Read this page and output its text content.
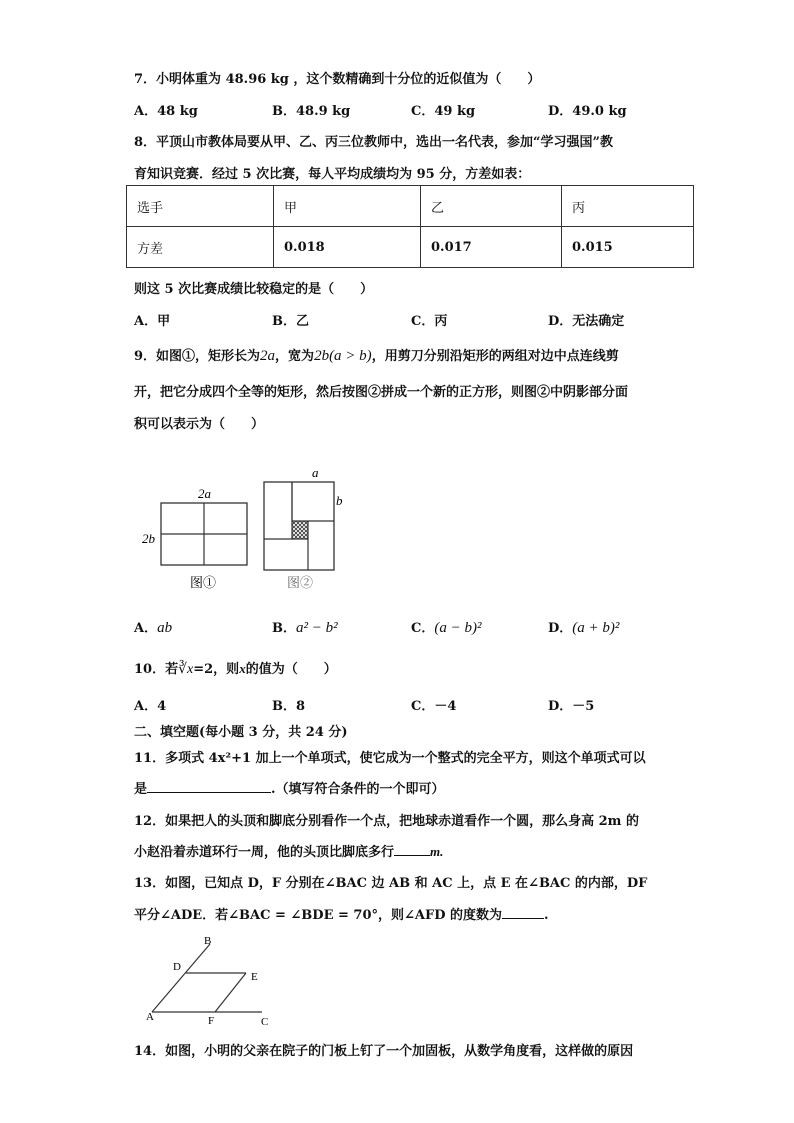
7．小明体重为 48.96 kg ，这个数精确到十分位的近似值为（　　）
A．48 kg	B．48.9 kg	C．49 kg	D．49.0 kg
8．平顶山市教体局要从甲、乙、丙三位教师中，选出一名代表，参加“学习强国”教
育知识竞赛．经过 5 次比赛，每人平均成绩均为 95 分，方差如表：
选手	甲	乙	丙
方差	0.018	0.017	0.015
则这 5 次比赛成绩比较稳定的是（　　）
A．甲	B．乙	C．丙	D．无法确定
9．如图①，矩形长为2a，宽为2b(a > b)，用剪刀分别沿矩形的两组对边中点连线剪
开，把它分成四个全等的矩形，然后按图②拼成一个新的正方形，则图②中阴影部分面
积可以表示为（　　）
2a
2b
图①
a
b
图②
A．ab	B．a² − b²	C．(a − b)²	D．(a + b)²
10．若∛x=2，则x的值为（　　）
A．4	B．8	C．－4	D．－5
二、填空题(每小题 3 分，共 24 分)
11．多项式 4x²+1 加上一个单项式，使它成为一个整式的完全平方，则这个单项式可以
是	.（填写符合条件的一个即可）
12．如果把人的头顶和脚底分别看作一个点，把地球赤道看作一个圆，那么身高 2m 的
小赵沿着赤道环行一周，他的头顶比脚底多行	m.
13．如图，已知点 D，F 分别在∠BAC 边 AB 和 AC 上，点 E 在∠BAC 的内部，DF
平分∠ADE．若∠BAC = ∠BDE = 70°，则∠AFD 的度数为	.
A
B
C
D
E
F
14．如图，小明的父亲在院子的门板上钉了一个加固板，从数学角度看，这样做的原因
